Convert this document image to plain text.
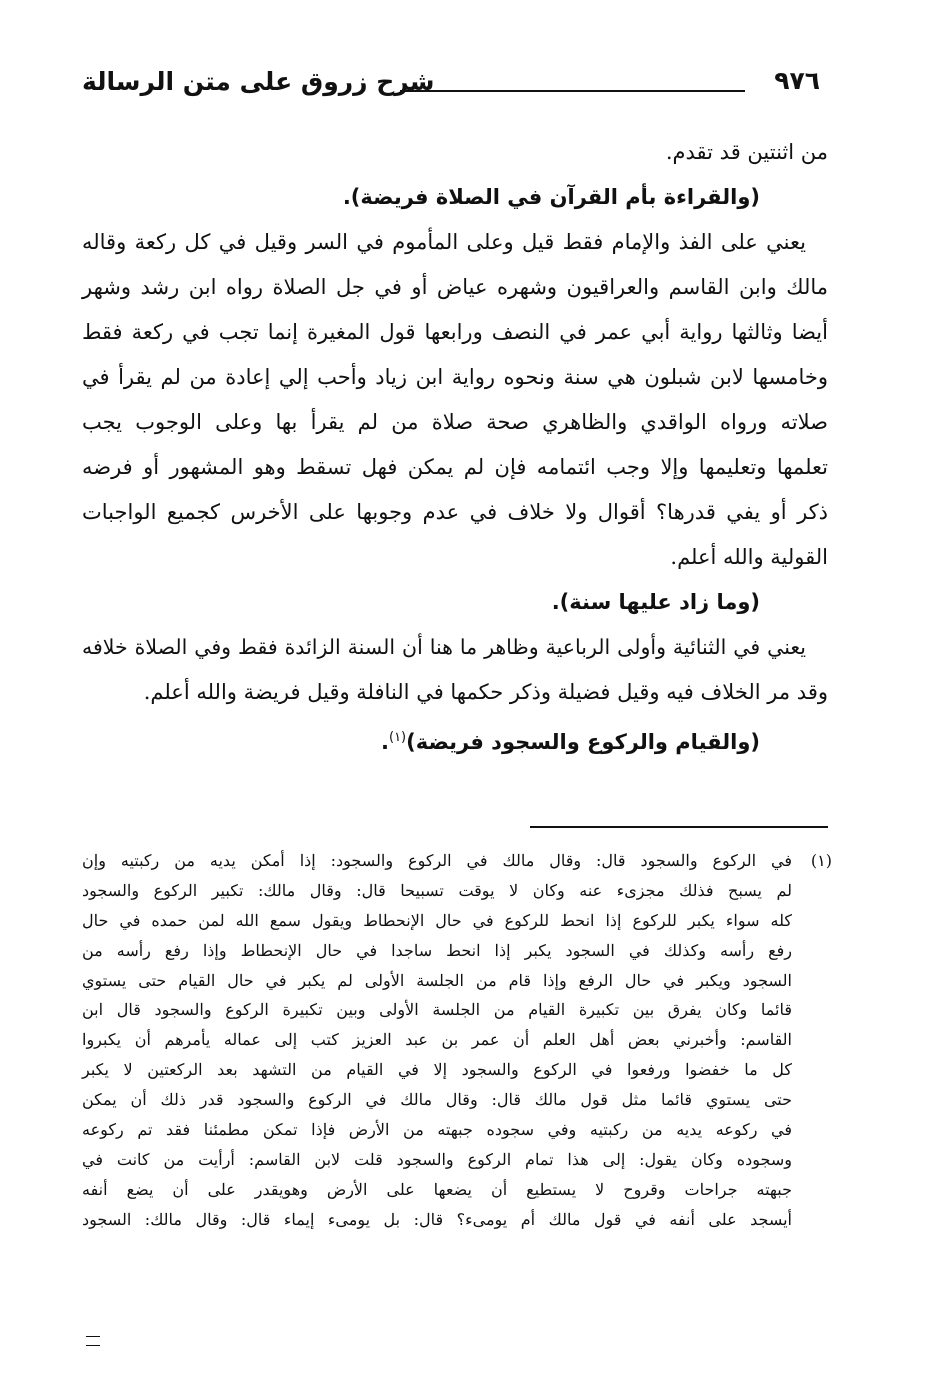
٩٧٦
شرح زروق على متن الرسالة
من اثنتين قد تقدم.
(والقراءة بأم القرآن في الصلاة فريضة).
يعني على الفذ والإمام فقط قيل وعلى المأموم في السر وقيل في كل ركعة وقاله
مالك وابن القاسم والعراقيون وشهره عياض أو في جل الصلاة رواه ابن رشد وشهر
أيضا وثالثها رواية أبي عمر في النصف ورابعها قول المغيرة إنما تجب في ركعة فقط
وخامسها لابن شبلون هي سنة ونحوه رواية ابن زياد وأحب إلي إعادة من لم يقرأ في
صلاته ورواه الواقدي والظاهري صحة صلاة من لم يقرأ بها وعلى الوجوب يجب
تعلمها وتعليمها وإلا وجب ائتمامه فإن لم يمكن فهل تسقط وهو المشهور أو فرضه
ذكر أو يفي قدرها؟ أقوال ولا خلاف في عدم وجوبها على الأخرس كجميع الواجبات
القولية والله أعلم.
(وما زاد عليها سنة).
يعني في الثنائية وأولى الرباعية وظاهر ما هنا أن السنة الزائدة فقط وفي الصلاة خلافه
وقد مر الخلاف فيه وقيل فضيلة وذكر حكمها في النافلة وقيل فريضة والله أعلم.
(والقيام والركوع والسجود فريضة)$^{(١)}$.
(١)
في الركوع والسجود قال: وقال مالك في الركوع والسجود: إذا أمكن يديه من ركبتيه وإن
لم يسبح فذلك مجزىء عنه وكان لا يوقت تسبيحا قال: وقال مالك: تكبير الركوع والسجود
كله سواء يكبر للركوع إذا انحط للركوع في حال الإنحطاط ويقول سمع الله لمن حمده في حال
رفع رأسه وكذلك في السجود يكبر إذا انحط ساجدا في حال الإنحطاط وإذا رفع رأسه من
السجود ويكبر في حال الرفع وإذا قام من الجلسة الأولى لم يكبر في حال القيام حتى يستوي
قائما وكان يفرق بين تكبيرة القيام من الجلسة الأولى وبين تكبيرة الركوع والسجود قال ابن
القاسم: وأخبرني بعض أهل العلم أن عمر بن عبد العزيز كتب إلى عماله يأمرهم أن يكبروا
كل ما خفضوا ورفعوا في الركوع والسجود إلا في القيام من التشهد بعد الركعتين لا يكبر
حتى يستوي قائما مثل قول مالك قال: وقال مالك في الركوع والسجود قدر ذلك أن يمكن
في ركوعه يديه من ركبتيه وفي سجوده جبهته من الأرض فإذا تمكن مطمئنا فقد تم ركوعه
وسجوده وكان يقول: إلى هذا تمام الركوع والسجود قلت لابن القاسم: أرأيت من كانت في
جبهته جراحات وقروح لا يستطيع أن يضعها على الأرض وهويقدر على أن يضع أنفه
أيسجد على أنفه في قول مالك أم يومىء؟ قال: بل يومىء إيماء قال: وقال مالك: السجود
